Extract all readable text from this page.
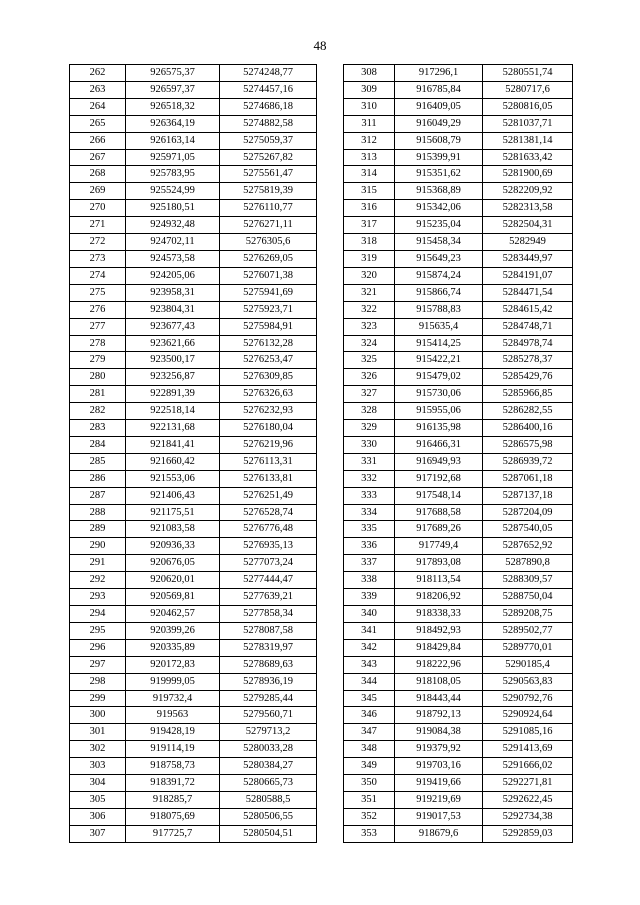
48
262	926575,37	5274248,77
263	926597,37	5274457,16
264	926518,32	5274686,18
265	926364,19	5274882,58
266	926163,14	5275059,37
267	925971,05	5275267,82
268	925783,95	5275561,47
269	925524,99	5275819,39
270	925180,51	5276110,77
271	924932,48	5276271,11
272	924702,11	5276305,6
273	924573,58	5276269,05
274	924205,06	5276071,38
275	923958,31	5275941,69
276	923804,31	5275923,71
277	923677,43	5275984,91
278	923621,66	5276132,28
279	923500,17	5276253,47
280	923256,87	5276309,85
281	922891,39	5276326,63
282	922518,14	5276232,93
283	922131,68	5276180,04
284	921841,41	5276219,96
285	921660,42	5276113,31
286	921553,06	5276133,81
287	921406,43	5276251,49
288	921175,51	5276528,74
289	921083,58	5276776,48
290	920936,33	5276935,13
291	920676,05	5277073,24
292	920620,01	5277444,47
293	920569,81	5277639,21
294	920462,57	5277858,34
295	920399,26	5278087,58
296	920335,89	5278319,97
297	920172,83	5278689,63
298	919999,05	5278936,19
299	919732,4	5279285,44
300	919563	5279560,71
301	919428,19	5279713,2
302	919114,19	5280033,28
303	918758,73	5280384,27
304	918391,72	5280665,73
305	918285,7	5280588,5
306	918075,69	5280506,55
307	917725,7	5280504,51
308	917296,1	5280551,74
309	916785,84	5280717,6
310	916409,05	5280816,05
311	916049,29	5281037,71
312	915608,79	5281381,14
313	915399,91	5281633,42
314	915351,62	5281900,69
315	915368,89	5282209,92
316	915342,06	5282313,58
317	915235,04	5282504,31
318	915458,34	5282949
319	915649,23	5283449,97
320	915874,24	5284191,07
321	915866,74	5284471,54
322	915788,83	5284615,42
323	915635,4	5284748,71
324	915414,25	5284978,74
325	915422,21	5285278,37
326	915479,02	5285429,76
327	915730,06	5285966,85
328	915955,06	5286282,55
329	916135,98	5286400,16
330	916466,31	5286575,98
331	916949,93	5286939,72
332	917192,68	5287061,18
333	917548,14	5287137,18
334	917688,58	5287204,09
335	917689,26	5287540,05
336	917749,4	5287652,92
337	917893,08	5287890,8
338	918113,54	5288309,57
339	918206,92	5288750,04
340	918338,33	5289208,75
341	918492,93	5289502,77
342	918429,84	5289770,01
343	918222,96	5290185,4
344	918108,05	5290563,83
345	918443,44	5290792,76
346	918792,13	5290924,64
347	919084,38	5291085,16
348	919379,92	5291413,69
349	919703,16	5291666,02
350	919419,66	5292271,81
351	919219,69	5292622,45
352	919017,53	5292734,38
353	918679,6	5292859,03
